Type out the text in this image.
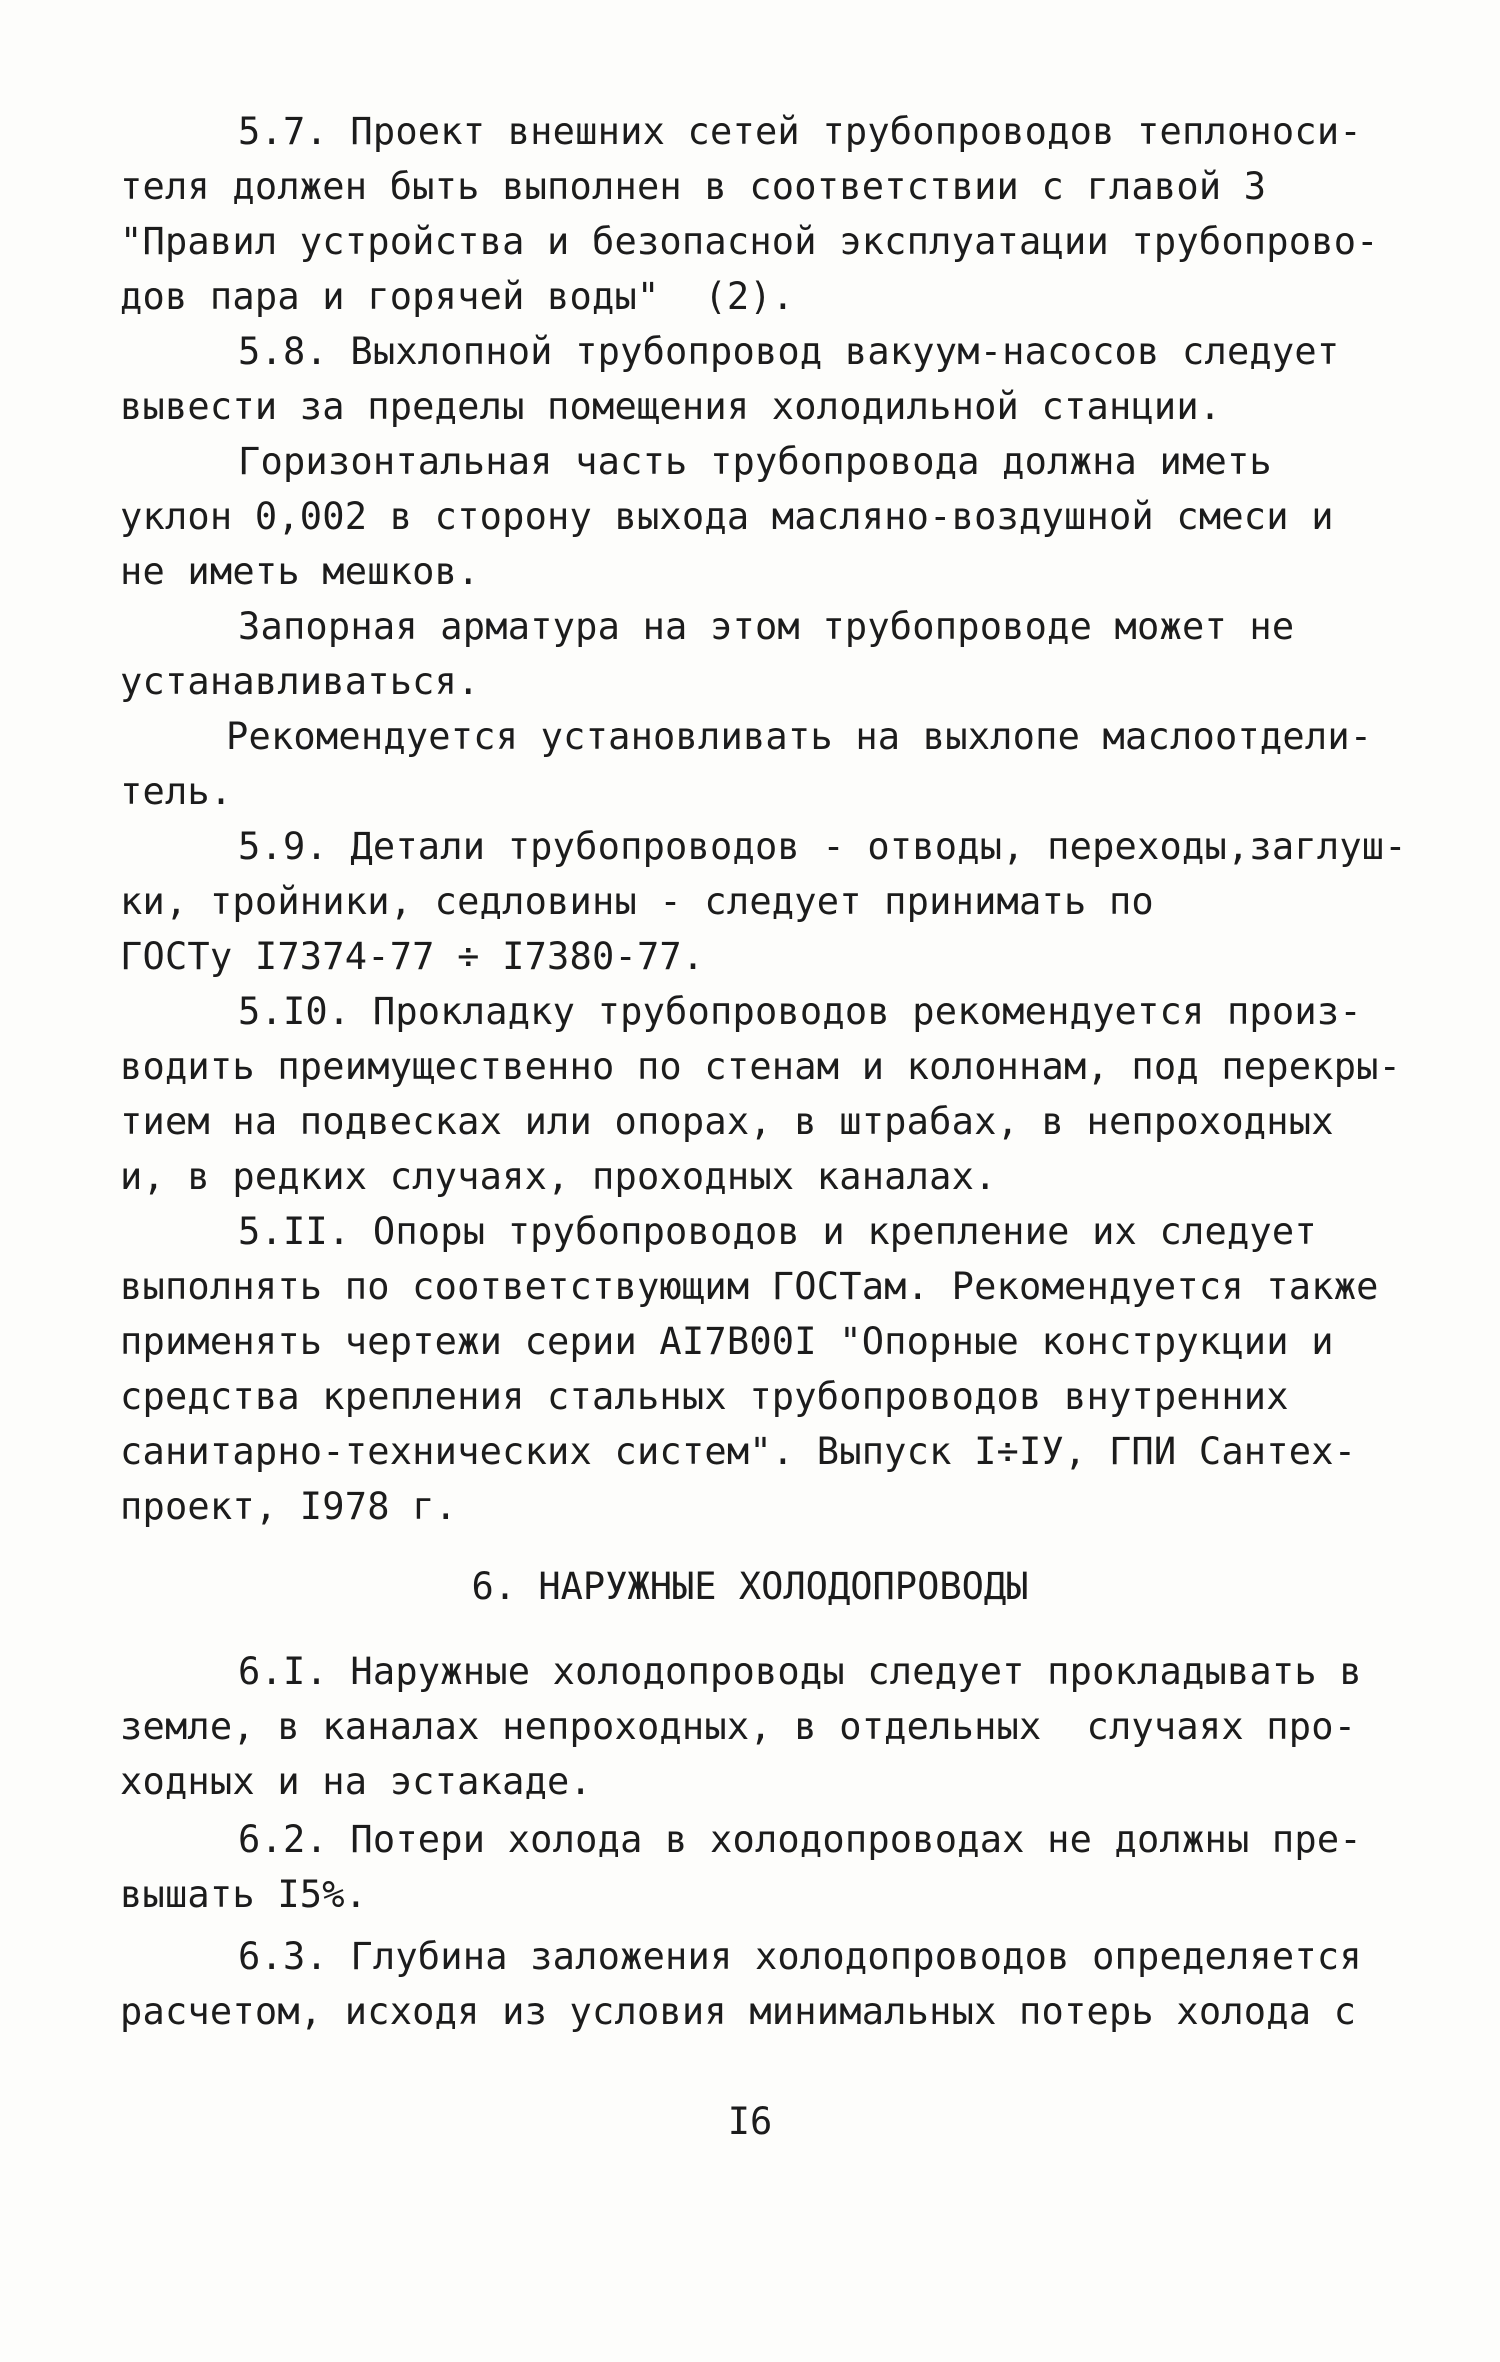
5.7. Проект внешних сетей трубопроводов теплоноси-
теля должен быть выполнен в соответствии с главой 3
"Правил устройства и безопасной эксплуатации трубопрово-
дов пара и горячей воды"  (2).
5.8. Выхлопной трубопровод вакуум-насосов следует
вывести за пределы помещения холодильной станции.
Горизонтальная часть трубопровода должна иметь
уклон 0,002 в сторону выхода масляно-воздушной смеси и
не иметь мешков.
Запорная арматура на этом трубопроводе может не
устанавливаться.
Рекомендуется установливать на выхлопе маслоотдели-
тель.
5.9. Детали трубопроводов - отводы, переходы,заглуш-
ки, тройники, седловины - следует принимать по
ГОСТу I7374-77 ÷ I7380-77.
5.I0. Прокладку трубопроводов рекомендуется произ-
водить преимущественно по стенам и колоннам, под перекры-
тием на подвесках или опорах, в штрабах, в непроходных
и, в редких случаях, проходных каналах.
5.II. Опоры трубопроводов и крепление их следует
выполнять по соответствующим ГОСТам. Рекомендуется также
применять чертежи серии AI7B00I "Опорные конструкции и
средства крепления стальных трубопроводов внутренних
санитарно-технических систем". Выпуск I÷IУ, ГПИ Сантех-
проект, I978 г.
6. НАРУЖНЫЕ ХОЛОДОПРОВОДЫ
6.I. Наружные холодопроводы следует прокладывать в
земле, в каналах непроходных, в отдельных  случаях про-
ходных и на эстакаде.
6.2. Потери холода в холодопроводах не должны пре-
вышать I5%.
6.3. Глубина заложения холодопроводов определяется
расчетом, исходя из условия минимальных потерь холода с
I6
